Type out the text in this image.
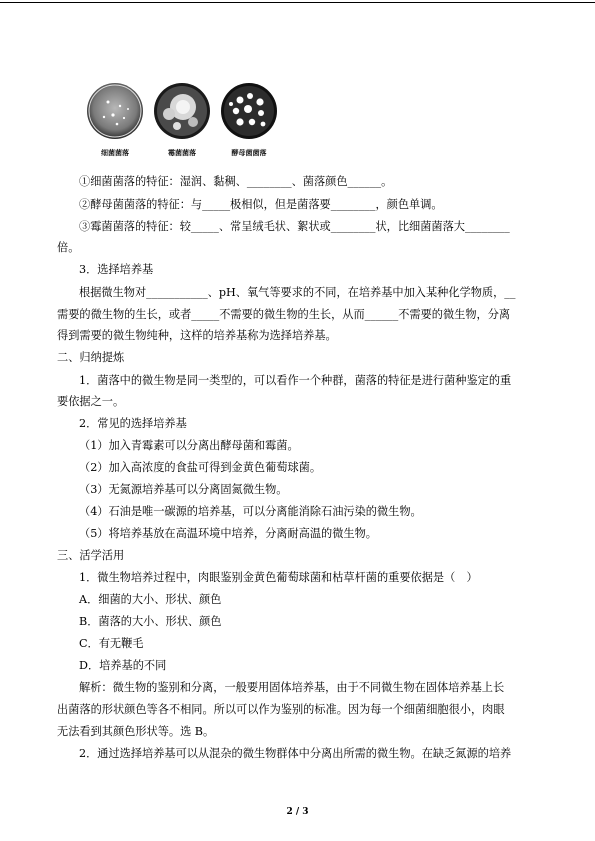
细菌菌落	霉菌菌落	酵母菌菌落
①细菌菌落的特征：湿润、黏稠、________、菌落颜色______。
②酵母菌菌落的特征：与_____极相似，但是菌落要________，颜色单调。
③霉菌菌落的特征：较_____、常呈绒毛状、絮状或________状，比细菌菌落大________
倍。
3．选择培养基
根据微生物对___________、pH、氧气等要求的不同，在培养基中加入某种化学物质，__
需要的微生物的生长，或者_____不需要的微生物的生长，从而______不需要的微生物，分离
得到需要的微生物纯种，这样的培养基称为选择培养基。
二、归纳提炼
1．菌落中的微生物是同一类型的，可以看作一个种群，菌落的特征是进行菌种鉴定的重
要依据之一。
2．常见的选择培养基
（1）加入青霉素可以分离出酵母菌和霉菌。
（2）加入高浓度的食盐可得到金黄色葡萄球菌。
（3）无氮源培养基可以分离固氮微生物。
（4）石油是唯一碳源的培养基，可以分离能消除石油污染的微生物。
（5）将培养基放在高温环境中培养，分离耐高温的微生物。
三、活学活用
1．微生物培养过程中，肉眼鉴别金黄色葡萄球菌和枯草杆菌的重要依据是（　）
A．细菌的大小、形状、颜色
B．菌落的大小、形状、颜色
C．有无鞭毛
D．培养基的不同
解析：微生物的鉴别和分离，一般要用固体培养基，由于不同微生物在固体培养基上长
出菌落的形状颜色等各不相同。所以可以作为鉴别的标准。因为每一个细菌细胞很小，肉眼
无法看到其颜色形状等。选 B。
2．通过选择培养基可以从混杂的微生物群体中分离出所需的微生物。在缺乏氮源的培养
2 / 3
